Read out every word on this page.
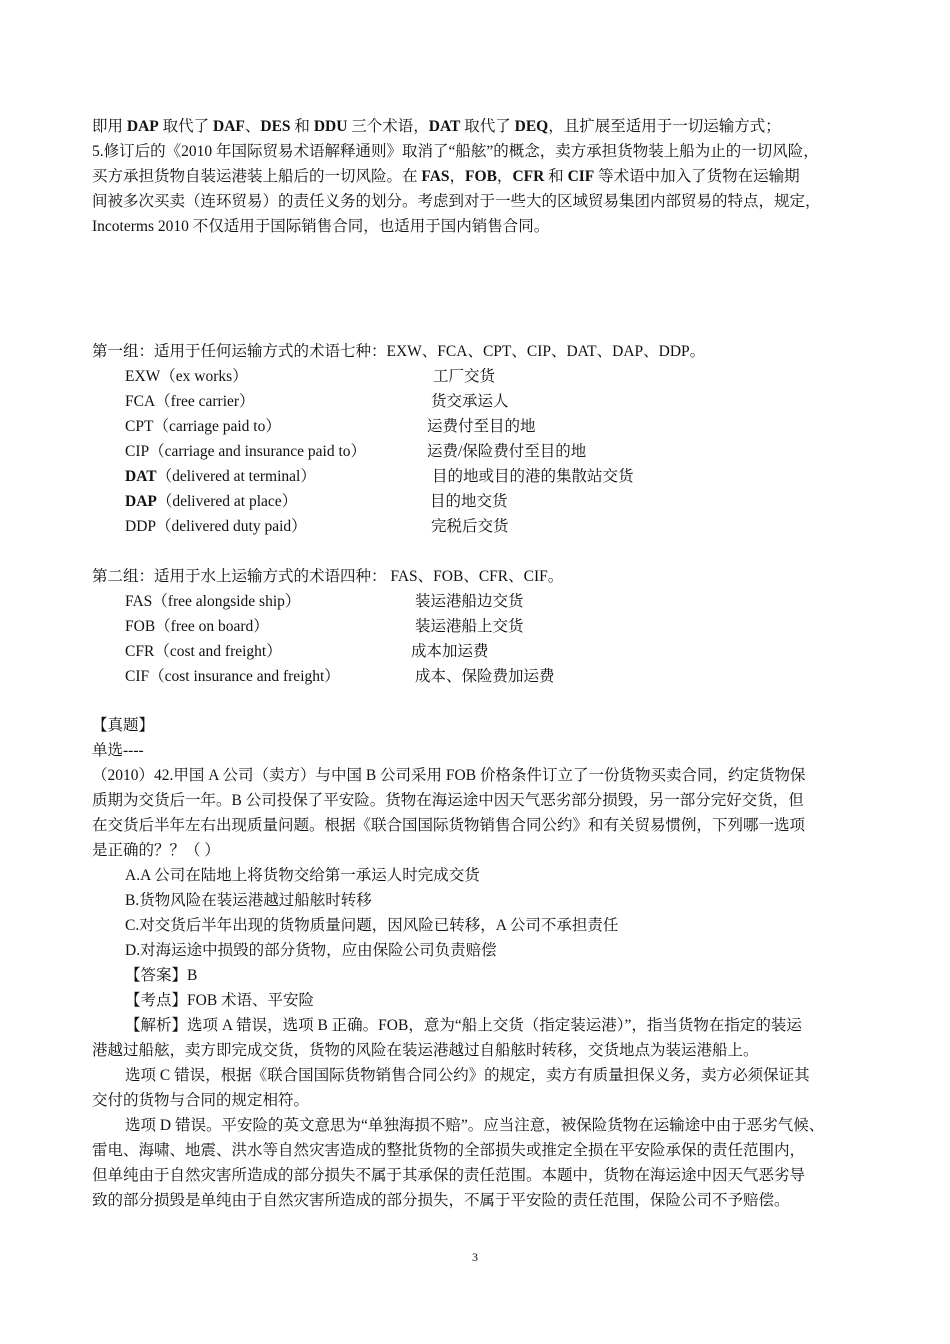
即用 DAP 取代了 DAF、DES 和 DDU 三个术语，DAT 取代了 DEQ，且扩展至适用于一切运输方式；
5.修订后的《2010 年国际贸易术语解释通则》取消了“船舷”的概念，卖方承担货物装上船为止的一切风险，
买方承担货物自装运港装上船后的一切风险。在 FAS，FOB，CFR 和 CIF 等术语中加入了货物在运输期
间被多次买卖（连环贸易）的责任义务的划分。考虑到对于一些大的区域贸易集团内部贸易的特点，规定，
Incoterms 2010 不仅适用于国际销售合同，也适用于国内销售合同。
第一组：适用于任何运输方式的术语七种：EXW、FCA、CPT、CIP、DAT、DAP、DDP。
EXW（ex works）	工厂交货
FCA（free carrier）	货交承运人
CPT（carriage paid to）	运费付至目的地
CIP（carriage and insurance paid to）	运费/保险费付至目的地
DAT（delivered at terminal）	目的地或目的港的集散站交货
DAP（delivered at place）	目的地交货
DDP（delivered duty paid）	完税后交货
第二组：适用于水上运输方式的术语四种： FAS、FOB、CFR、CIF。
FAS（free alongside ship）	装运港船边交货
FOB（free on board）	装运港船上交货
CFR（cost and freight）	成本加运费
CIF（cost insurance and freight）	成本、保险费加运费
【真题】
单选----
（2010）42.甲国 A 公司（卖方）与中国 B 公司采用 FOB 价格条件订立了一份货物买卖合同，约定货物保
质期为交货后一年。B 公司投保了平安险。货物在海运途中因天气恶劣部分损毁，另一部分完好交货，但
在交货后半年左右出现质量问题。根据《联合国国际货物销售合同公约》和有关贸易惯例，下列哪一选项
是正确的？？（ ）
A.A 公司在陆地上将货物交给第一承运人时完成交货
B.货物风险在装运港越过船舷时转移
C.对交货后半年出现的货物质量问题，因风险已转移，A 公司不承担责任
D.对海运途中损毁的部分货物，应由保险公司负责赔偿
【答案】B
【考点】FOB 术语、平安险
【解析】选项 A 错误，选项 B 正确。FOB，意为“船上交货（指定装运港）”，指当货物在指定的装运
港越过船舷，卖方即完成交货，货物的风险在装运港越过自船舷时转移，交货地点为装运港船上。
选项 C 错误，根据《联合国国际货物销售合同公约》的规定，卖方有质量担保义务，卖方必须保证其
交付的货物与合同的规定相符。
选项 D 错误。平安险的英文意思为“单独海损不赔”。应当注意，被保险货物在运输途中由于恶劣气候、
雷电、海啸、地震、洪水等自然灾害造成的整批货物的全部损失或推定全损在平安险承保的责任范围内，
但单纯由于自然灾害所造成的部分损失不属于其承保的责任范围。本题中，货物在海运途中因天气恶劣导
致的部分损毁是单纯由于自然灾害所造成的部分损失，不属于平安险的责任范围，保险公司不予赔偿。
3
